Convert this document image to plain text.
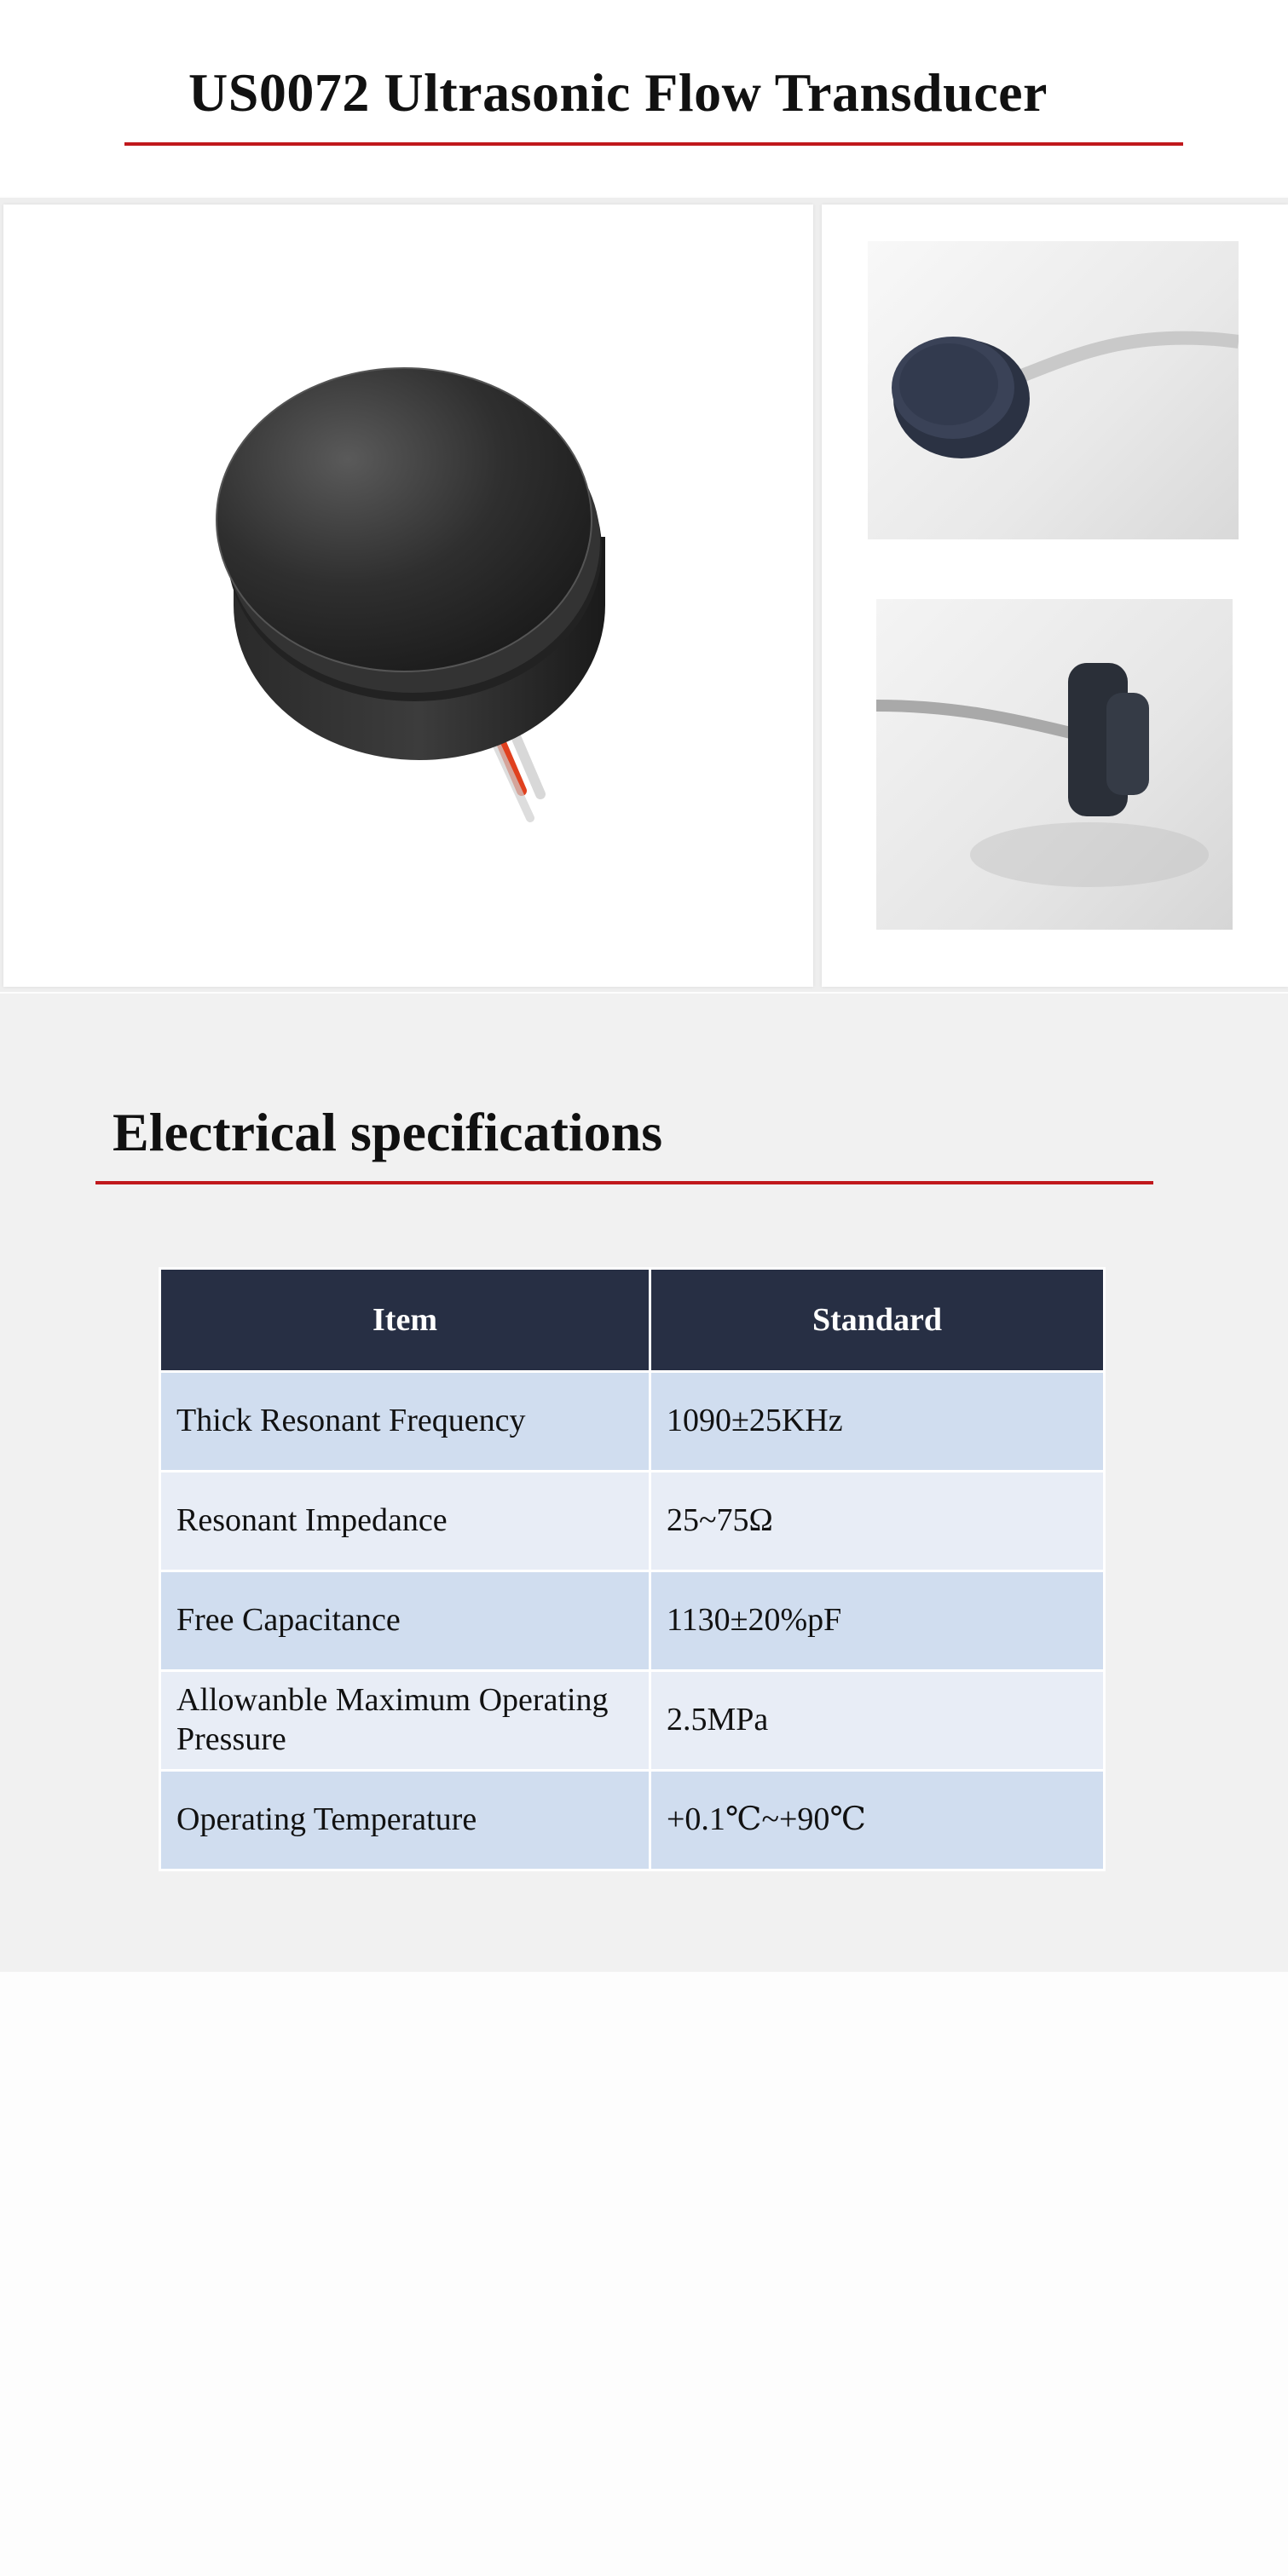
US0072 Ultrasonic Flow Transducer
Electrical specifications
Item	Standard
Thick Resonant Frequency	1090±25KHz
Resonant Impedance	25~75Ω
Free Capacitance	1130±20%pF
Allowanble Maximum Operating Pressure	2.5MPa
Operating Temperature	+0.1℃~+90℃
